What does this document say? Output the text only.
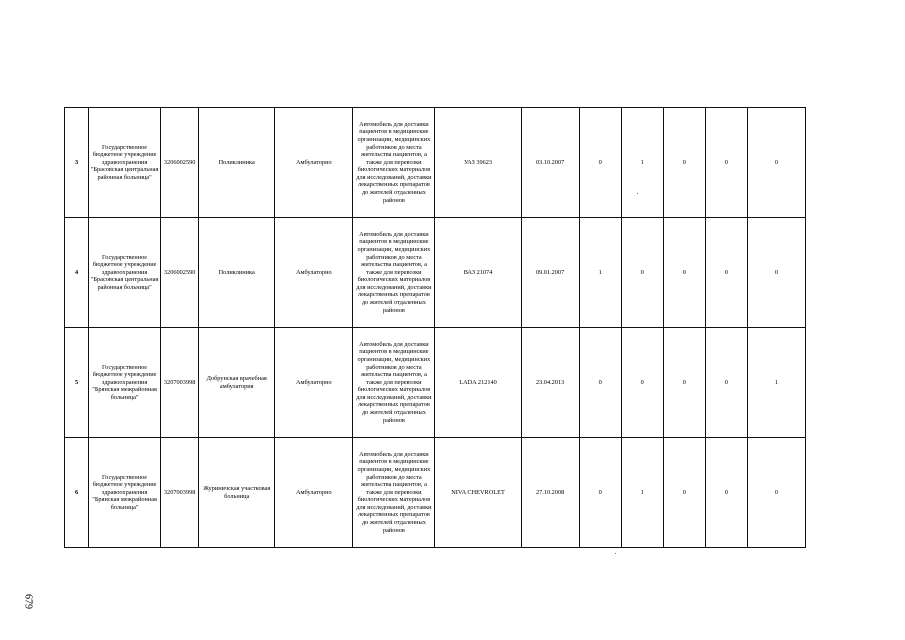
3	Государственное бюджетное учреждение здравоохранения "Брасовская центральная районная больница"	3206002590	Поликлиника	Амбулаторно	Автомобиль для доставки пациентов в медицинские организации, медицинских работников до места жительства пациентов, а также для перевозки биологических материалов для исследований, доставки лекарственных препаратов до жителей отдаленных районов	УАЗ 39623	03.10.2007	0	1	0	0	0
4	Государственное бюджетное учреждение здравоохранения "Брасовская центральная районная больница"	3206002590	Поликлиника	Амбулаторно	Автомобиль для доставки пациентов в медицинские организации, медицинских работников до места жительства пациентов, а также для перевозки биологических материалов для исследований, доставки лекарственных препаратов до жителей отдаленных районов	ВАЗ 21074	09.01.2007	1	0	0	0	0
5	Государственное бюджетное учреждение здравоохранения "Брянская межрайонная больница"	3207003998	Добрунская врачебная амбулатория	Амбулаторно	Автомобиль для доставки пациентов в медицинские организации, медицинских работников до места жительства пациентов, а также для перевозки биологических материалов для исследований, доставки лекарственных препаратов до жителей отдаленных районов	LADA 212140	23.04.2013	0	0	0	0	1
6	Государственное бюджетное учреждение здравоохранения "Брянская межрайонная больница"	3207003998	Журиничская участковая больница	Амбулаторно	Автомобиль для доставки пациентов в медицинские организации, медицинских работников до места жительства пациентов, а также для перевозки биологических материалов для исследований, доставки лекарственных препаратов до жителей отдаленных районов	NIVA CHEVROLET	27.10.2008	0	1	0	0	0
679
